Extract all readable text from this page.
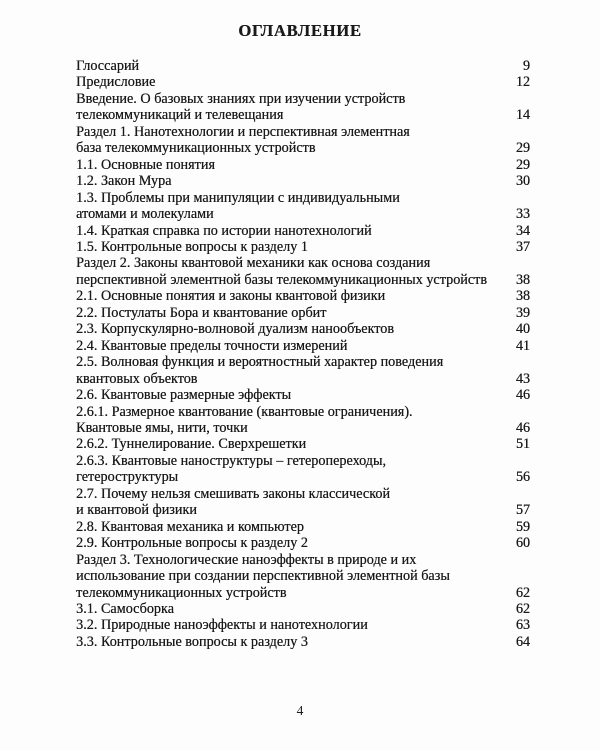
ОГЛАВЛЕНИЕ
Глоссарий	9
Предисловие	12
Введение. О базовых знаниях при изучении устройств
телекоммуникаций и телевещания	14
Раздел 1. Нанотехнологии и перспективная элементная
база телекоммуникационных устройств	29
1.1. Основные понятия	29
1.2. Закон Мура	30
1.3. Проблемы при манипуляции с индивидуальными
атомами и молекулами	33
1.4. Краткая справка по истории нанотехнологий	34
1.5. Контрольные вопросы к разделу 1	37
Раздел 2. Законы квантовой механики как основа создания
перспективной элементной базы телекоммуникационных устройств 38
2.1. Основные понятия и законы квантовой физики	38
2.2. Постулаты Бора и квантование орбит	39
2.3. Корпускулярно-волновой дуализм нанообъектов	40
2.4. Квантовые пределы точности измерений	41
2.5. Волновая функция и вероятностный характер поведения
квантовых объектов	43
2.6. Квантовые размерные эффекты	46
2.6.1. Размерное квантование (квантовые ограничения).
Квантовые ямы, нити, точки	46
2.6.2. Туннелирование. Сверхрешетки	51
2.6.3. Квантовые наноструктуры – гетеропереходы,
гетероструктуры	56
2.7. Почему нельзя смешивать законы классической
и квантовой физики	57
2.8. Квантовая механика и компьютер	59
2.9. Контрольные вопросы к разделу 2	60
Раздел 3. Технологические наноэффекты в природе и их
использование при создании перспективной элементной базы
телекоммуникационных устройств	62
3.1. Самосборка	62
3.2. Природные наноэффекты и нанотехнологии	63
3.3. Контрольные вопросы к разделу 3	64
4
